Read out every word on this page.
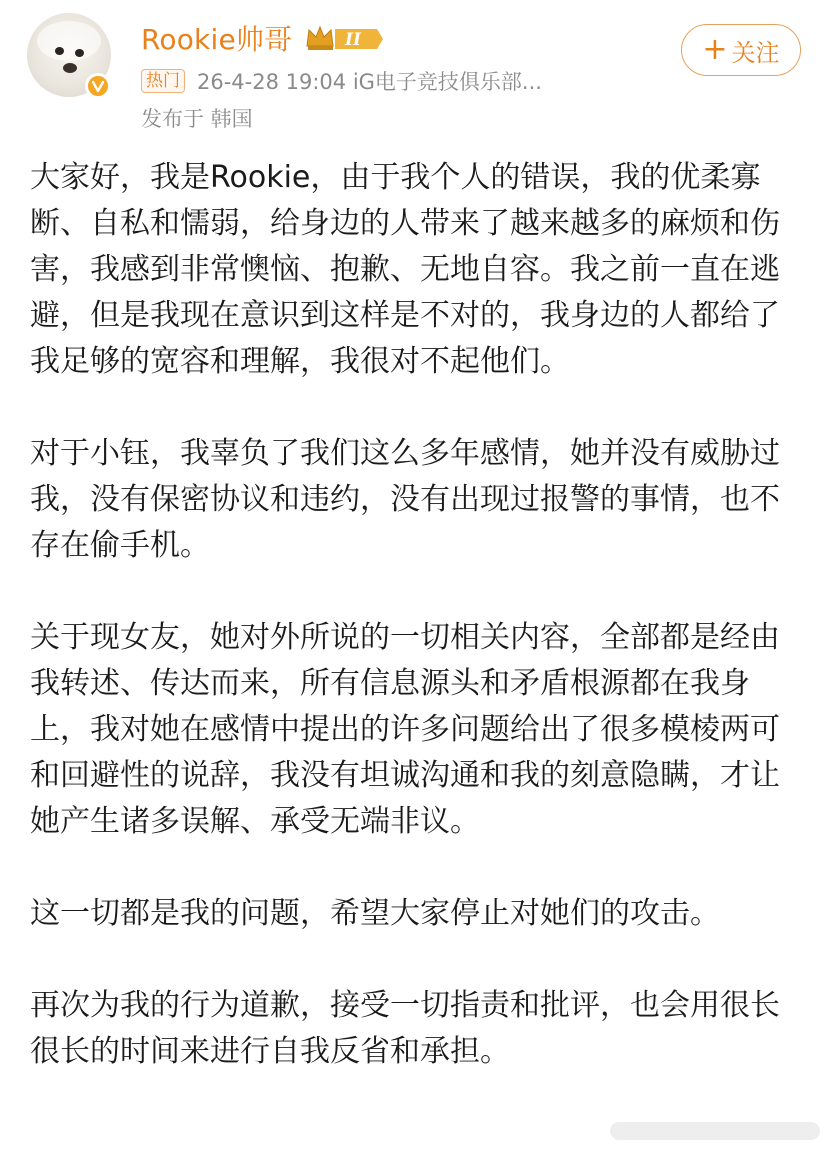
Rookie帅哥	II
热门 26-4-28 19:04 iG电子竞技俱乐部...
发布于 韩国
+ 关注

大家好，我是Rookie，由于我个人的错误，我的优柔寡断、自私和懦弱，给身边的人带来了越来越多的麻烦和伤害，我感到非常懊恼、抱歉、无地自容。我之前一直在逃避，但是我现在意识到这样是不对的，我身边的人都给了我足够的宽容和理解，我很对不起他们。

对于小钰，我辜负了我们这么多年感情，她并没有威胁过我，没有保密协议和违约，没有出现过报警的事情，也不存在偷手机。

关于现女友，她对外所说的一切相关内容，全部都是经由我转述、传达而来，所有信息源头和矛盾根源都在我身上，我对她在感情中提出的许多问题给出了很多模棱两可和回避性的说辞，我没有坦诚沟通和我的刻意隐瞒，才让她产生诸多误解、承受无端非议。

这一切都是我的问题，希望大家停止对她们的攻击。

再次为我的行为道歉，接受一切指责和批评，也会用很长很长的时间来进行自我反省和承担。
